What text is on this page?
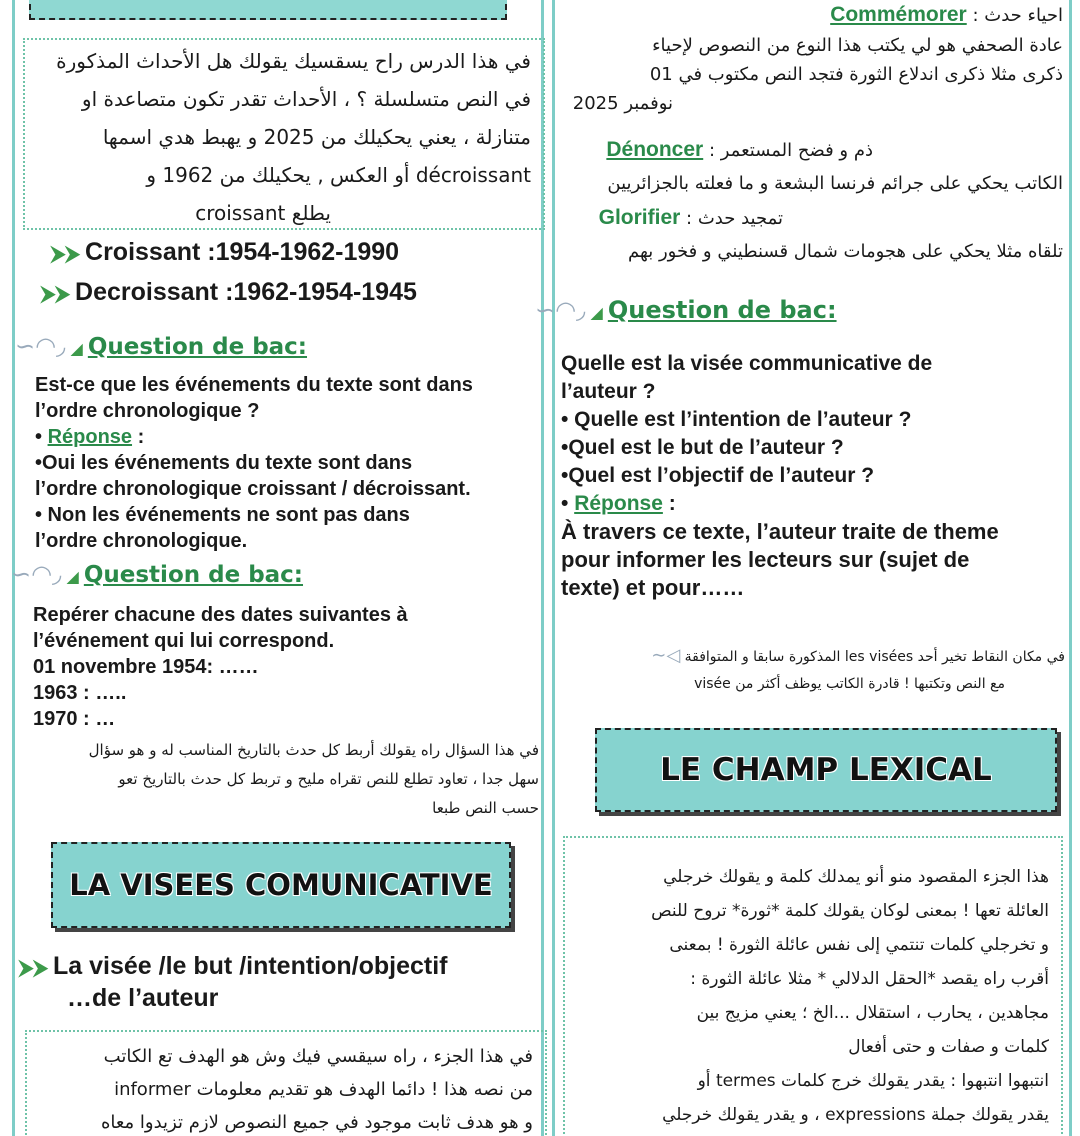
في هذا الدرس راح يسقسيك يقولك هل الأحداث المذكورة
في النص متسلسلة ؟ ، الأحداث تقدر تكون متصاعدة او
متنازلة ، يعني يحكيلك من 2025 و يهبط هدي اسمها
décroissant أو العكس , يحكيلك من 1962 و
يطلع croissant
⮞⮞ Croissant :1954-1962-1990
⮞⮞ Decroissant :1962-1954-1945
∽◠◞ ◢ Question de bac:
Est-ce que les événements du texte sont dans
l’ordre chronologique ?
• Réponse :
•Oui les événements du texte sont dans
l’ordre chronologique croissant / décroissant.
• Non les événements ne sont pas dans
l’ordre chronologique.
∽◠◞ ◢ Question de bac:
Repérer chacune des dates suivantes à
l’événement qui lui correspond.
01 novembre 1954: ……
1963 : …..
1970 : …
في هذا السؤال راه يقولك أربط كل حدث بالتاريخ المناسب له و هو سؤال
سهل جدا ، تعاود تطلع للنص تقراه مليح و تربط كل حدث بالتاريخ تعو
حسب النص طبعا
LA VISEES COMUNICATIVE
⮞⮞ La visée /le but /intention/objectif
…de l’auteur
في هذا الجزء ، راه سيقسي فيك وش هو الهدف تع الكاتب
من نصه هذا ! دائما الهدف هو تقديم معلومات informer
و هو هدف ثابت موجود في جميع النصوص لازم تزيدوا معاه
احياء حدث : Commémorer
عادة الصحفي هو لي يكتب هذا النوع من النصوص لإحياء
ذكرى مثلا ذكرى اندلاع الثورة فتجد النص مكتوب في 01
نوفمبر 2025
ذم و فضح المستعمر : Dénoncer
الكاتب يحكي على جرائم فرنسا البشعة و ما فعلته بالجزائريين
تمجيد حدث : Glorifier
تلقاه مثلا يحكي على هجومات شمال قسنطيني و فخور بهم
∽◠◞ ◢ Question de bac:
Quelle est la visée communicative de
l’auteur ?
• Quelle est l’intention de l’auteur ?
•Quel est le but de l’auteur ?
•Quel est l’objectif de l’auteur ?
• Réponse :
À travers ce texte, l’auteur traite de theme
pour informer les lecteurs sur (sujet de
texte) et pour……
في مكان النقاط تخير أحد les visées المذكورة سابقا و المتوافقة ◁∽
مع النص وتكتبها ! قادرة الكاتب يوظف أكثر من visée
LE CHAMP LEXICAL
هذا الجزء المقصود منو أنو يمدلك كلمة و يقولك خرجلي
العائلة تعها ! بمعنى لوكان يقولك كلمة *ثورة* تروح للنص
و تخرجلي كلمات تنتمي إلى نفس عائلة الثورة ! بمعنى
أقرب راه يقصد *الحقل الدلالي * مثلا عائلة الثورة :
مجاهدين ، يحارب ، استقلال ...الخ ؛ يعني مزيج بين
كلمات و صفات و حتى أفعال
انتبهوا انتبهوا : يقدر يقولك خرج كلمات termes أو
يقدر يقولك جملة expressions ، و يقدر يقولك خرجلي
